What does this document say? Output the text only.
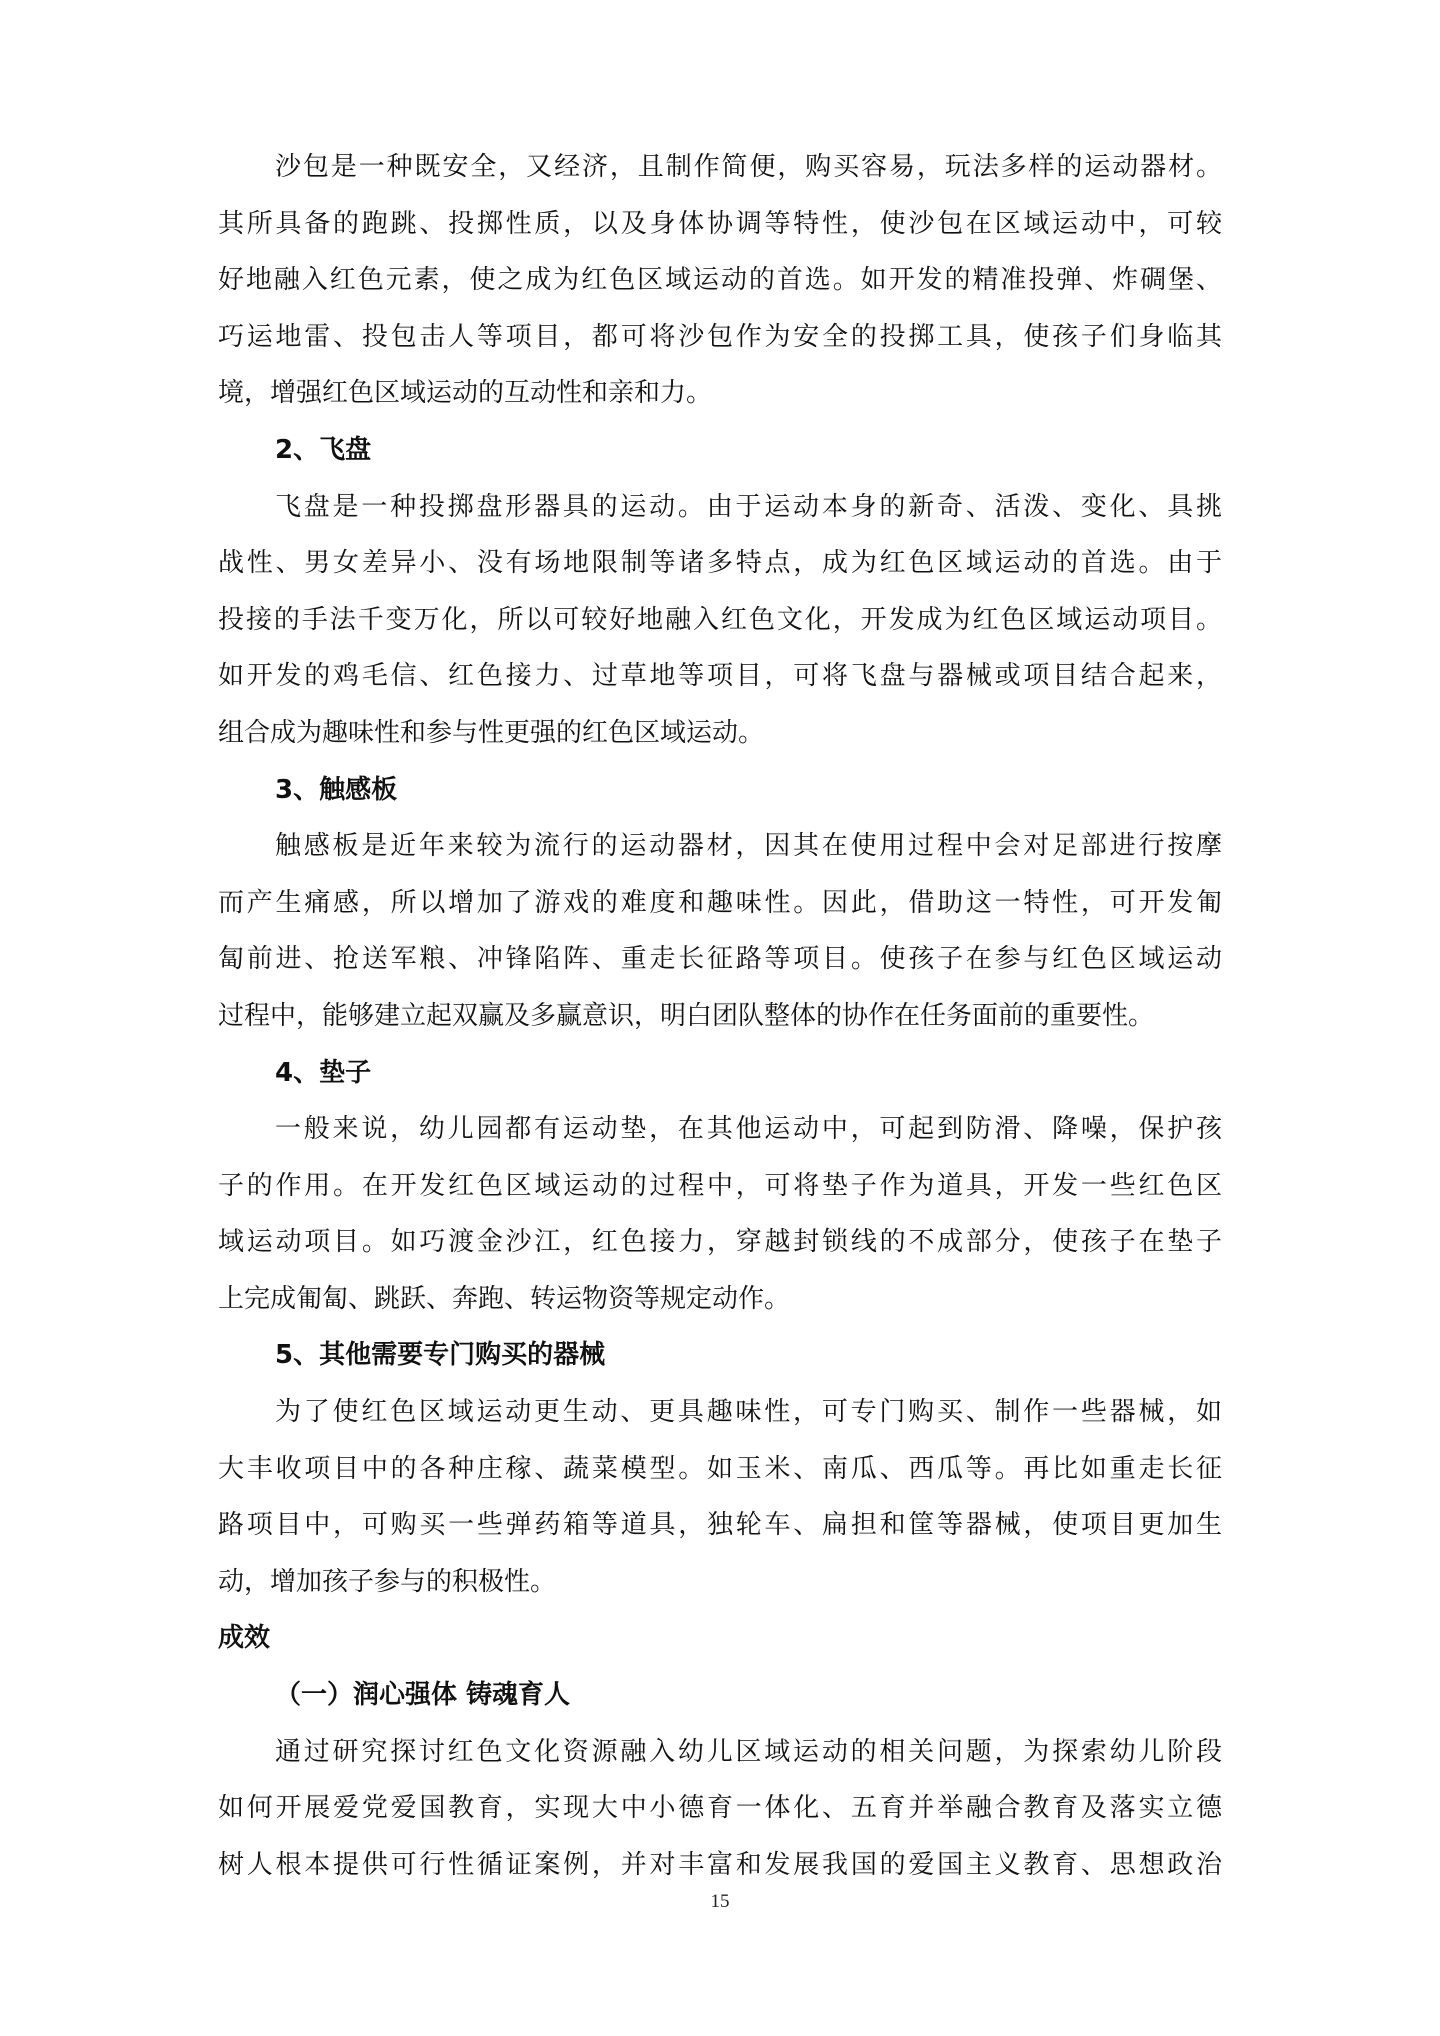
沙包是一种既安全，又经济，且制作简便，购买容易，玩法多样的运动器材。
其所具备的跑跳、投掷性质，以及身体协调等特性，使沙包在区域运动中，可较
好地融入红色元素，使之成为红色区域运动的首选。如开发的精准投弹、炸碉堡、
巧运地雷、投包击人等项目，都可将沙包作为安全的投掷工具，使孩子们身临其
境，增强红色区域运动的互动性和亲和力。
2、飞盘
飞盘是一种投掷盘形器具的运动。由于运动本身的新奇、活泼、变化、具挑
战性、男女差异小、没有场地限制等诸多特点，成为红色区域运动的首选。由于
投接的手法千变万化，所以可较好地融入红色文化，开发成为红色区域运动项目。
如开发的鸡毛信、红色接力、过草地等项目，可将飞盘与器械或项目结合起来，
组合成为趣味性和参与性更强的红色区域运动。
3、触感板
触感板是近年来较为流行的运动器材，因其在使用过程中会对足部进行按摩
而产生痛感，所以增加了游戏的难度和趣味性。因此，借助这一特性，可开发匍
匐前进、抢送军粮、冲锋陷阵、重走长征路等项目。使孩子在参与红色区域运动
过程中，能够建立起双赢及多赢意识，明白团队整体的协作在任务面前的重要性。
4、垫子
一般来说，幼儿园都有运动垫，在其他运动中，可起到防滑、降噪，保护孩
子的作用。在开发红色区域运动的过程中，可将垫子作为道具，开发一些红色区
域运动项目。如巧渡金沙江，红色接力，穿越封锁线的不成部分，使孩子在垫子
上完成匍匐、跳跃、奔跑、转运物资等规定动作。
5、其他需要专门购买的器械
为了使红色区域运动更生动、更具趣味性，可专门购买、制作一些器械，如
大丰收项目中的各种庄稼、蔬菜模型。如玉米、南瓜、西瓜等。再比如重走长征
路项目中，可购买一些弹药箱等道具，独轮车、扁担和筐等器械，使项目更加生
动，增加孩子参与的积极性。
成效
（一）润心强体 铸魂育人
通过研究探讨红色文化资源融入幼儿区域运动的相关问题，为探索幼儿阶段
如何开展爱党爱国教育，实现大中小德育一体化、五育并举融合教育及落实立德
树人根本提供可行性循证案例，并对丰富和发展我国的爱国主义教育、思想政治
15
